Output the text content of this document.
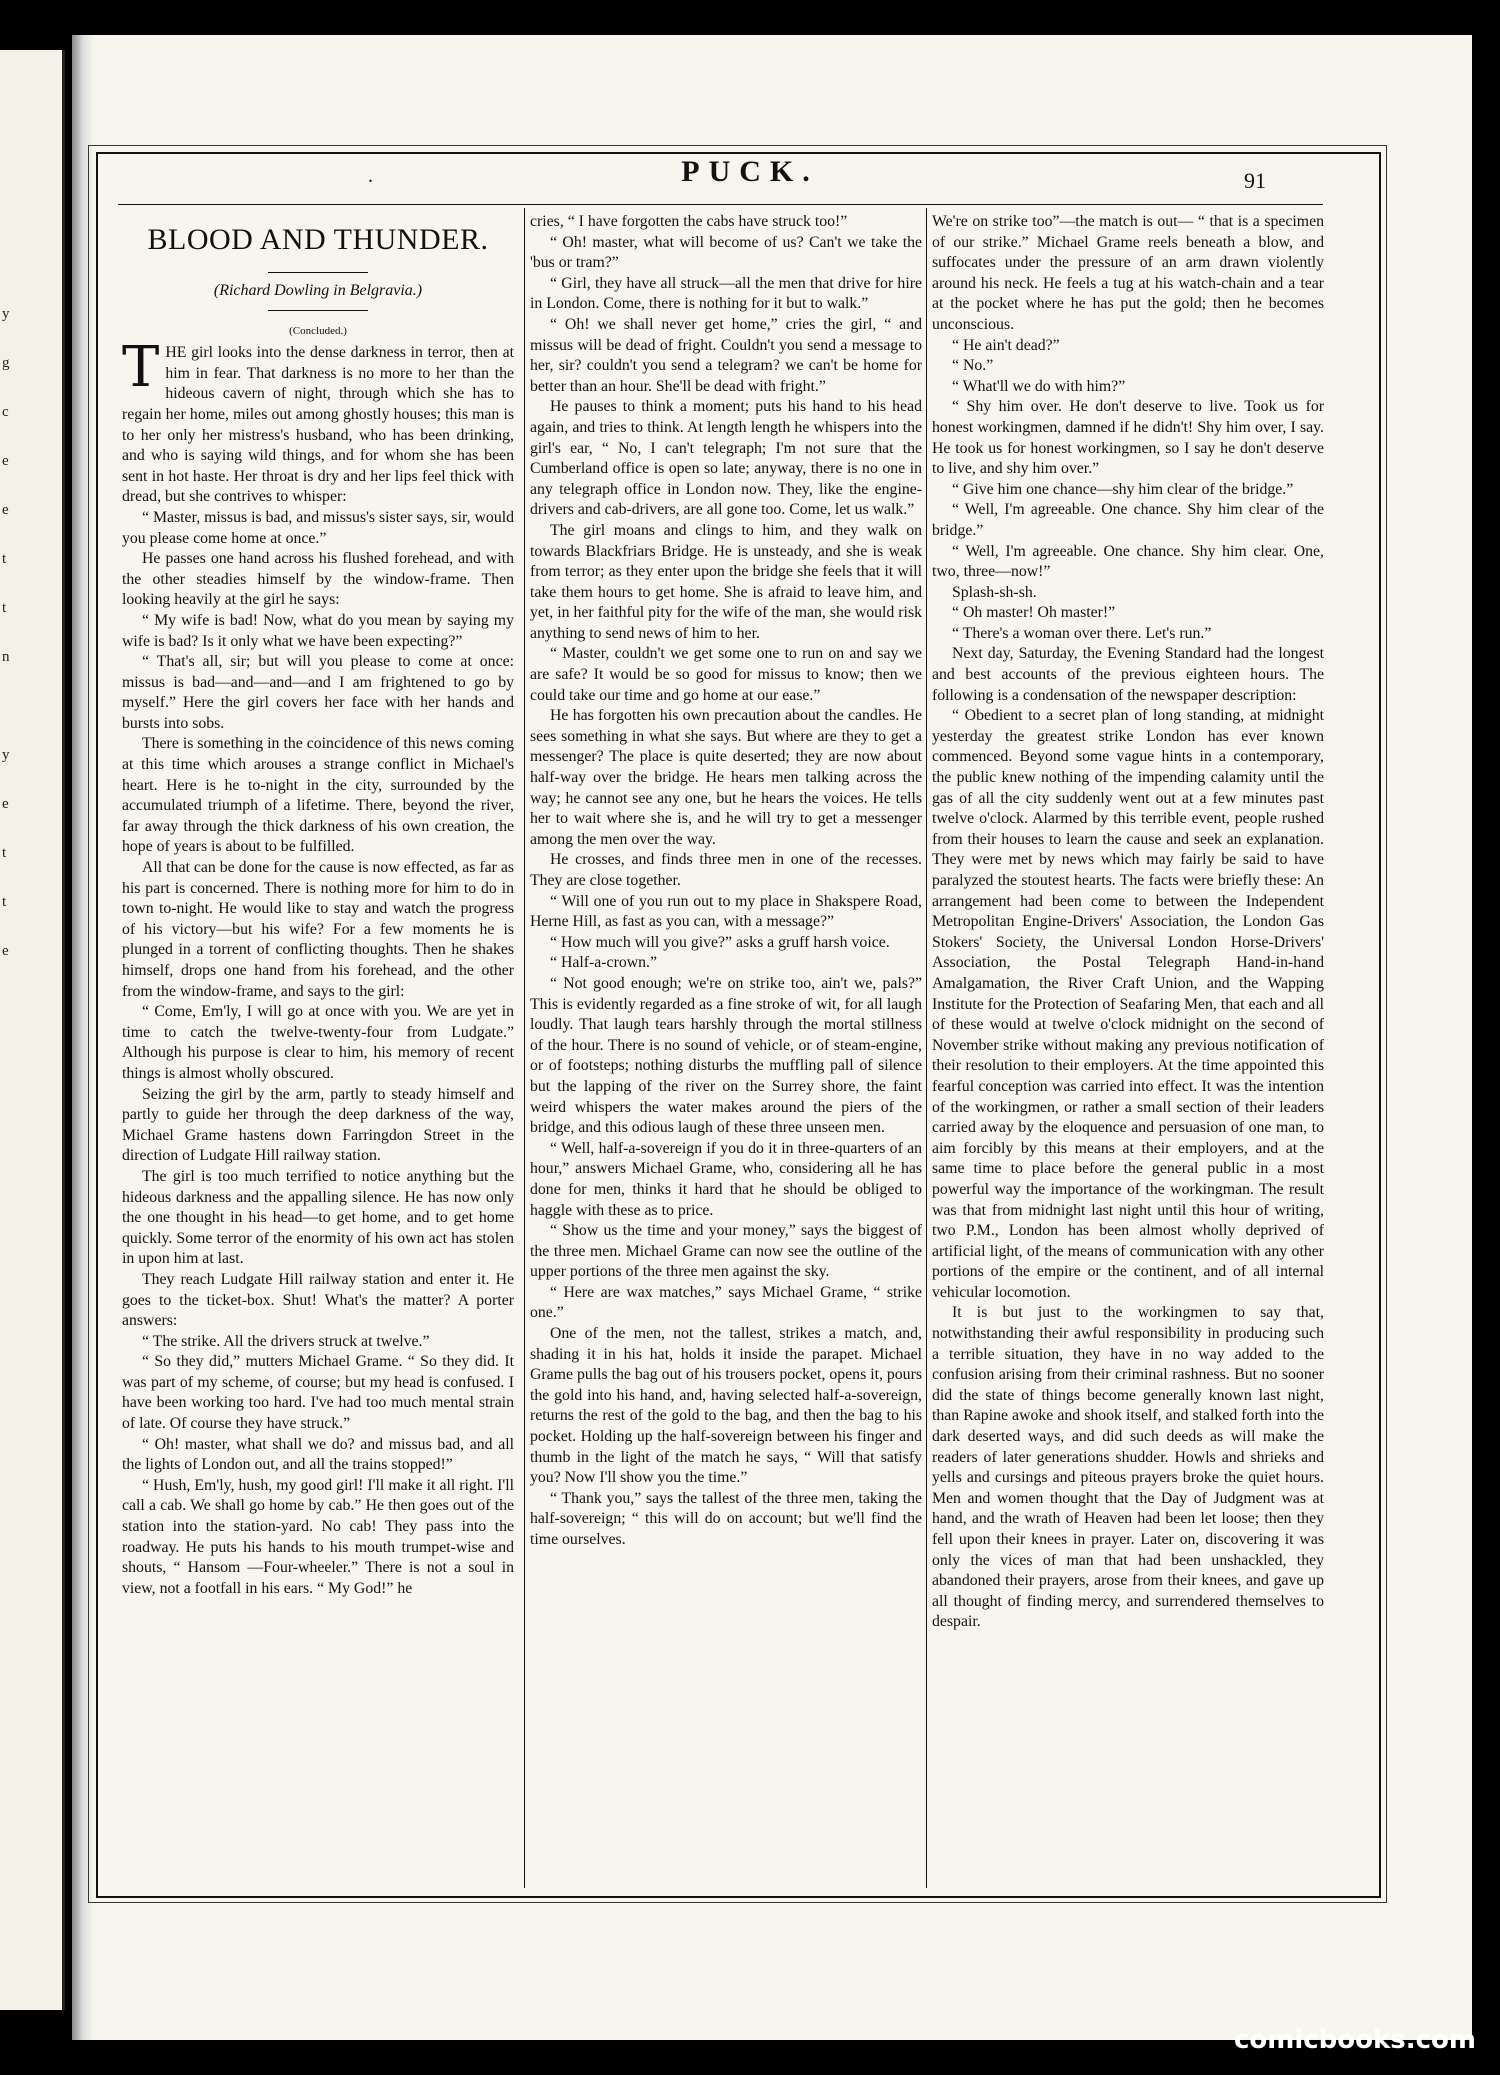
y
g
c
e
e
t
t
n

y
e
t
t
e
.	PUCK.	91
BLOOD AND THUNDER.

(Richard Dowling in Belgravia.)

(Concluded.)

T HE girl looks into the dense darkness in terror, then at him in fear. That darkness is no more to her than the hideous cavern of night, through which she has to regain her home, miles out among ghostly houses; this man is to her only her mistress's husband, who has been drinking, and who is saying wild things, and for whom she has been sent in hot haste. Her throat is dry and her lips feel thick with dread, but she contrives to whisper:

“ Master, missus is bad, and missus's sister says, sir, would you please come home at once.”

He passes one hand across his flushed forehead, and with the other steadies himself by the window-frame. Then looking heavily at the girl he says:

“ My wife is bad! Now, what do you mean by saying my wife is bad? Is it only what we have been expecting?”

“ That's all, sir; but will you please to come at once: missus is bad—and—and—and I am frightened to go by myself.” Here the girl covers her face with her hands and bursts into sobs.

There is something in the coincidence of this news coming at this time which arouses a strange conflict in Michael's heart. Here is he to-night in the city, surrounded by the accumulated triumph of a lifetime. There, beyond the river, far away through the thick darkness of his own creation, the hope of years is about to be fulfilled.

All that can be done for the cause is now effected, as far as his part is concerned. There is nothing more for him to do in town to-night. He would like to stay and watch the progress of his victory—but his wife? For a few moments he is plunged in a torrent of conflicting thoughts. Then he shakes himself, drops one hand from his forehead, and the other from the window-frame, and says to the girl:

“ Come, Em'ly, I will go at once with you. We are yet in time to catch the twelve-twenty-four from Ludgate.” Although his purpose is clear to him, his memory of recent things is almost wholly obscured.

Seizing the girl by the arm, partly to steady himself and partly to guide her through the deep darkness of the way, Michael Grame hastens down Farringdon Street in the direction of Ludgate Hill railway station.

The girl is too much terrified to notice anything but the hideous darkness and the appalling silence. He has now only the one thought in his head—to get home, and to get home quickly. Some terror of the enormity of his own act has stolen in upon him at last.

They reach Ludgate Hill railway station and enter it. He goes to the ticket-box. Shut! What's the matter? A porter answers:

“ The strike. All the drivers struck at twelve.”

“ So they did,” mutters Michael Grame. “ So they did. It was part of my scheme, of course; but my head is confused. I have been working too hard. I've had too much mental strain of late. Of course they have struck.”

“ Oh! master, what shall we do? and missus bad, and all the lights of London out, and all the trains stopped!”

“ Hush, Em'ly, hush, my good girl! I'll make it all right. I'll call a cab. We shall go home by cab.” He then goes out of the station into the station-yard. No cab! They pass into the roadway. He puts his hands to his mouth trumpet-wise and shouts, “ Hansom —Four-wheeler.” There is not a soul in view, not a footfall in his ears. “ My God!” he

cries, “ I have forgotten the cabs have struck too!”

“ Oh! master, what will become of us? Can't we take the 'bus or tram?”

“ Girl, they have all struck—all the men that drive for hire in London. Come, there is nothing for it but to walk.”

“ Oh! we shall never get home,” cries the girl, “ and missus will be dead of fright. Couldn't you send a message to her, sir? couldn't you send a telegram? we can't be home for better than an hour. She'll be dead with fright.”

He pauses to think a moment; puts his hand to his head again, and tries to think. At length length he whispers into the girl's ear, “ No, I can't telegraph; I'm not sure that the Cumberland office is open so late; anyway, there is no one in any telegraph office in London now. They, like the engine-drivers and cab-drivers, are all gone too. Come, let us walk.”

The girl moans and clings to him, and they walk on towards Blackfriars Bridge. He is unsteady, and she is weak from terror; as they enter upon the bridge she feels that it will take them hours to get home. She is afraid to leave him, and yet, in her faithful pity for the wife of the man, she would risk anything to send news of him to her.

“ Master, couldn't we get some one to run on and say we are safe? It would be so good for missus to know; then we could take our time and go home at our ease.”

He has forgotten his own precaution about the candles. He sees something in what she says. But where are they to get a messenger? The place is quite deserted; they are now about half-way over the bridge. He hears men talking across the way; he cannot see any one, but he hears the voices. He tells her to wait where she is, and he will try to get a messenger among the men over the way.

He crosses, and finds three men in one of the recesses. They are close together.

“ Will one of you run out to my place in Shakspere Road, Herne Hill, as fast as you can, with a message?”

“ How much will you give?” asks a gruff harsh voice.

“ Half-a-crown.”

“ Not good enough; we're on strike too, ain't we, pals?” This is evidently regarded as a fine stroke of wit, for all laugh loudly. That laugh tears harshly through the mortal stillness of the hour. There is no sound of vehicle, or of steam-engine, or of footsteps; nothing disturbs the muffling pall of silence but the lapping of the river on the Surrey shore, the faint weird whispers the water makes around the piers of the bridge, and this odious laugh of these three unseen men.

“ Well, half-a-sovereign if you do it in three-quarters of an hour,” answers Michael Grame, who, considering all he has done for men, thinks it hard that he should be obliged to haggle with these as to price.

“ Show us the time and your money,” says the biggest of the three men. Michael Grame can now see the outline of the upper portions of the three men against the sky.

“ Here are wax matches,” says Michael Grame, “ strike one.”

One of the men, not the tallest, strikes a match, and, shading it in his hat, holds it inside the parapet. Michael Grame pulls the bag out of his trousers pocket, opens it, pours the gold into his hand, and, having selected half-a-sovereign, returns the rest of the gold to the bag, and then the bag to his pocket. Holding up the half-sovereign between his finger and thumb in the light of the match he says, “ Will that satisfy you? Now I'll show you the time.”

“ Thank you,” says the tallest of the three men, taking the half-sovereign; “ this will do on account; but we'll find the time ourselves.

We're on strike too”—the match is out— “ that is a specimen of our strike.” Michael Grame reels beneath a blow, and suffocates under the pressure of an arm drawn violently around his neck. He feels a tug at his watch-chain and a tear at the pocket where he has put the gold; then he becomes unconscious.

“ He ain't dead?”

“ No.”

“ What'll we do with him?”

“ Shy him over. He don't deserve to live. Took us for honest workingmen, damned if he didn't! Shy him over, I say. He took us for honest workingmen, so I say he don't deserve to live, and shy him over.”

“ Give him one chance—shy him clear of the bridge.”

“ Well, I'm agreeable. One chance. Shy him clear of the bridge.”

“ Well, I'm agreeable. One chance. Shy him clear. One, two, three—now!”

Splash-sh-sh.

“ Oh master! Oh master!”

“ There's a woman over there. Let's run.”

Next day, Saturday, the Evening Standard had the longest and best accounts of the previous eighteen hours. The following is a condensation of the newspaper description:

“ Obedient to a secret plan of long standing, at midnight yesterday the greatest strike London has ever known commenced. Beyond some vague hints in a contemporary, the public knew nothing of the impending calamity until the gas of all the city suddenly went out at a few minutes past twelve o'clock. Alarmed by this terrible event, people rushed from their houses to learn the cause and seek an explanation. They were met by news which may fairly be said to have paralyzed the stoutest hearts. The facts were briefly these: An arrangement had been come to between the Independent Metropolitan Engine-Drivers' Association, the London Gas Stokers' Society, the Universal London Horse-Drivers' Association, the Postal Telegraph Hand-in-hand Amalgamation, the River Craft Union, and the Wapping Institute for the Protection of Seafaring Men, that each and all of these would at twelve o'clock midnight on the second of November strike without making any previous notification of their resolution to their employers. At the time appointed this fearful conception was carried into effect. It was the intention of the workingmen, or rather a small section of their leaders carried away by the eloquence and persuasion of one man, to aim forcibly by this means at their employers, and at the same time to place before the general public in a most powerful way the importance of the workingman. The result was that from midnight last night until this hour of writing, two P.M., London has been almost wholly deprived of artificial light, of the means of communication with any other portions of the empire or the continent, and of all internal vehicular locomotion.

It is but just to the workingmen to say that, notwithstanding their awful responsibility in producing such a terrible situation, they have in no way added to the confusion arising from their criminal rashness. But no sooner did the state of things become generally known last night, than Rapine awoke and shook itself, and stalked forth into the dark deserted ways, and did such deeds as will make the readers of later generations shudder. Howls and shrieks and yells and cursings and piteous prayers broke the quiet hours. Men and women thought that the Day of Judgment was at hand, and the wrath of Heaven had been let loose; then they fell upon their knees in prayer. Later on, discovering it was only the vices of man that had been unshackled, they abandoned their prayers, arose from their knees, and gave up all thought of finding mercy, and surrendered themselves to despair.

comicbooks.com
